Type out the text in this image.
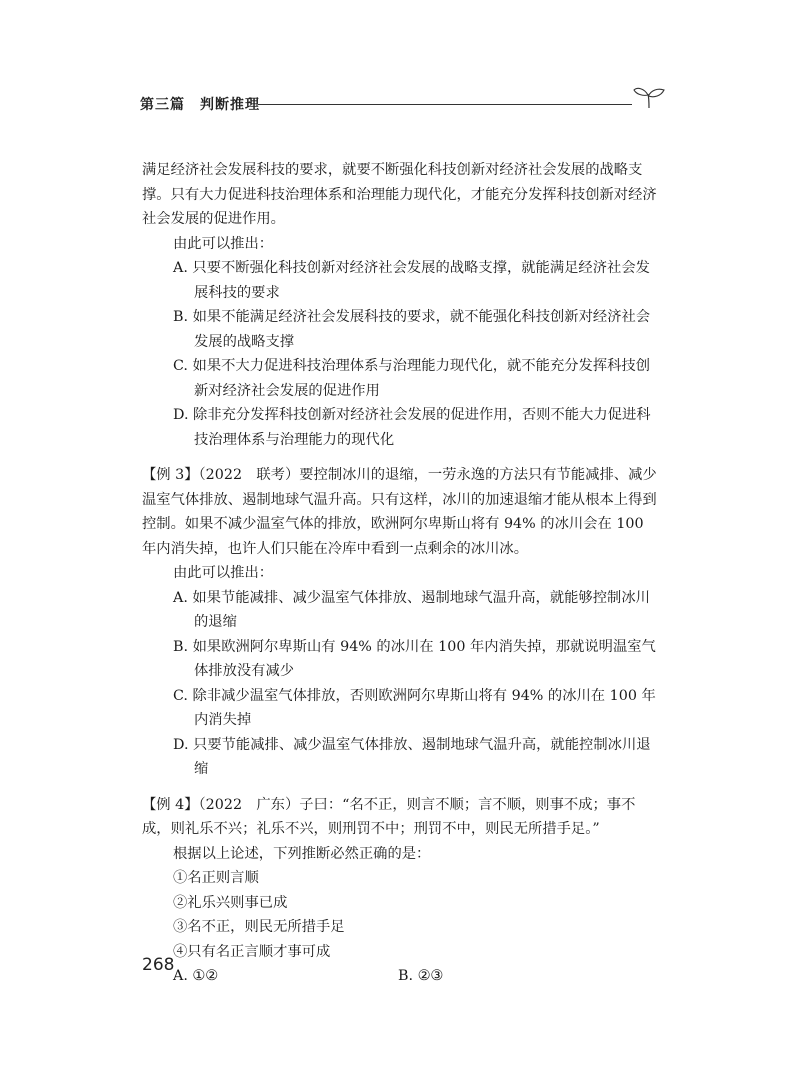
第三篇　判断推理

满足经济社会发展科技的要求，就要不断强化科技创新对经济社会发展的战略支撑。只有大力促进科技治理体系和治理能力现代化，才能充分发挥科技创新对经济社会发展的促进作用。

由此可以推出：

A. 只要不断强化科技创新对经济社会发展的战略支撑，就能满足经济社会发展科技的要求

B. 如果不能满足经济社会发展科技的要求，就不能强化科技创新对经济社会发展的战略支撑

C. 如果不大力促进科技治理体系与治理能力现代化，就不能充分发挥科技创新对经济社会发展的促进作用

D. 除非充分发挥科技创新对经济社会发展的促进作用，否则不能大力促进科技治理体系与治理能力的现代化

【例 3】（2022　联考）要控制冰川的退缩，一劳永逸的方法只有节能减排、减少温室气体排放、遏制地球气温升高。只有这样，冰川的加速退缩才能从根本上得到控制。如果不减少温室气体的排放，欧洲阿尔卑斯山将有 94% 的冰川会在 100 年内消失掉，也许人们只能在冷库中看到一点剩余的冰川冰。

由此可以推出：

A. 如果节能减排、减少温室气体排放、遏制地球气温升高，就能够控制冰川的退缩

B. 如果欧洲阿尔卑斯山有 94% 的冰川在 100 年内消失掉，那就说明温室气体排放没有减少

C. 除非减少温室气体排放，否则欧洲阿尔卑斯山将有 94% 的冰川在 100 年内消失掉

D. 只要节能减排、减少温室气体排放、遏制地球气温升高，就能控制冰川退缩

【例 4】（2022　广东）子曰：“名不正，则言不顺；言不顺，则事不成；事不成，则礼乐不兴；礼乐不兴，则刑罚不中；刑罚不中，则民无所措手足。”

根据以上论述，下列推断必然正确的是：

①名正则言顺

②礼乐兴则事已成

③名不正，则民无所措手足

④只有名正言顺才事可成

A. ①②	B. ②③
268
